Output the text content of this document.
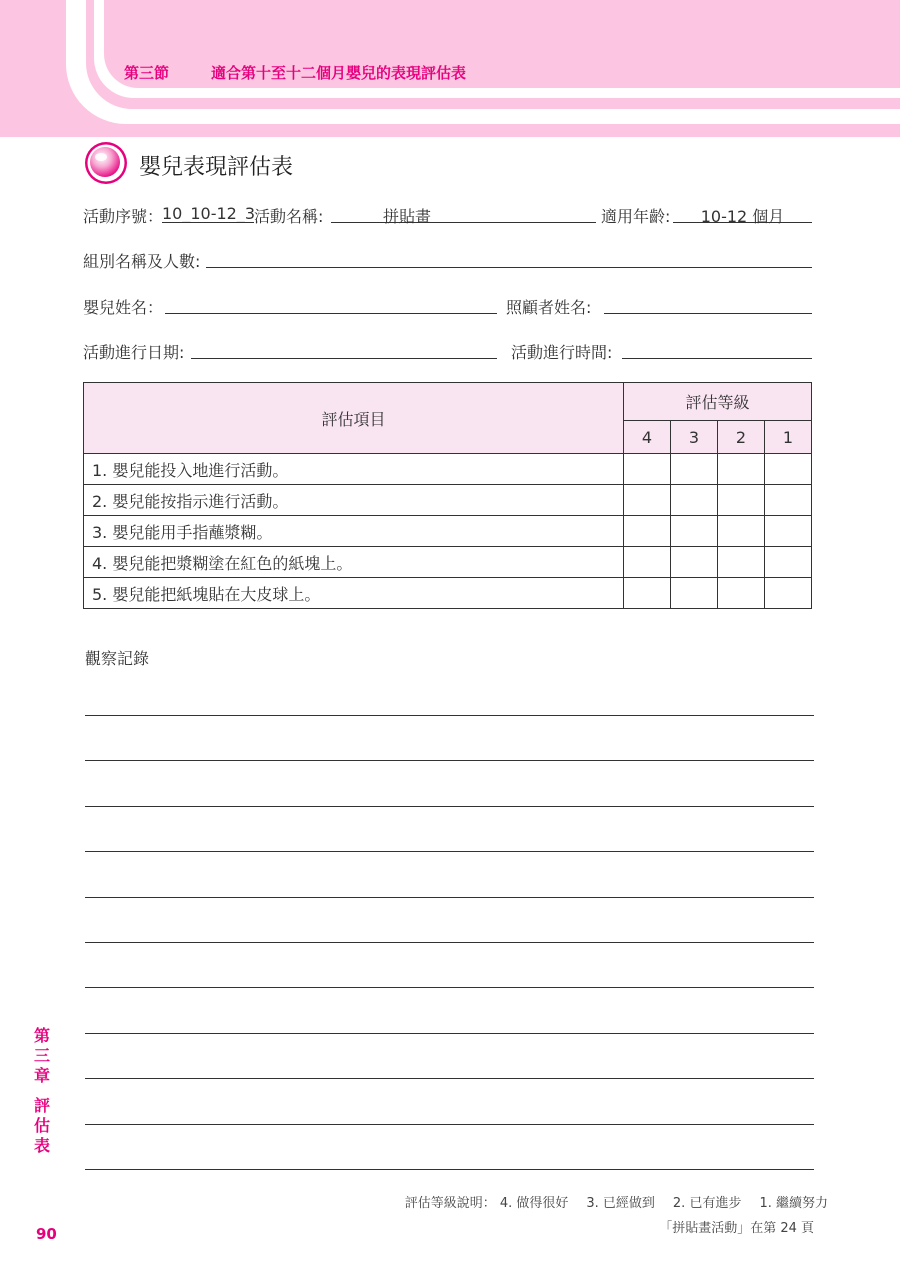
第三節	適合第十至十二個月嬰兒的表現評估表
嬰兒表現評估表
活動序號：
10_10-12_3
活動名稱:	拼貼畫	適用年齡:	10-12 個月
組別名稱及人數:
嬰兒姓名：	照顧者姓名:
活動進行日期:	活動進行時間:
評估項目	評估等級			
	4	3	2	1
1. 嬰兒能投入地進行活動。				
2. 嬰兒能按指示進行活動。				
3. 嬰兒能用手指蘸漿糊。				
4. 嬰兒能把漿糊塗在紅色的紙塊上。				
5. 嬰兒能把紙塊貼在大皮球上。				
觀察記錄
第
三
章
評
估
表
90
評估等級說明： 4. 做得很好 3. 已經做到 2. 已有進步 1. 繼續努力
「拼貼畫活動」在第 24 頁
